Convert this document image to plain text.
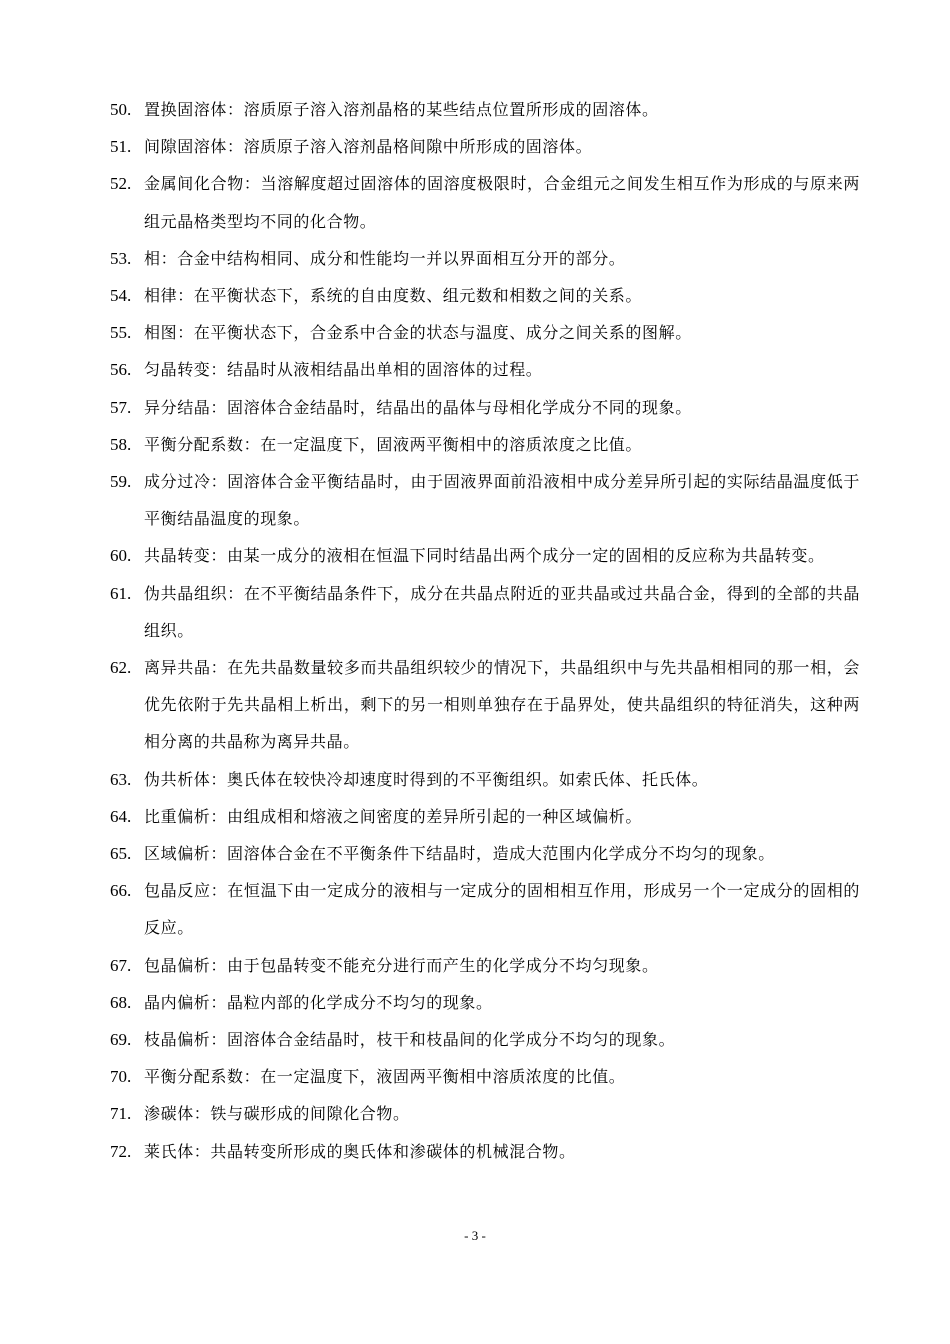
50. 置换固溶体：溶质原子溶入溶剂晶格的某些结点位置所形成的固溶体。
51. 间隙固溶体：溶质原子溶入溶剂晶格间隙中所形成的固溶体。
52. 金属间化合物：当溶解度超过固溶体的固溶度极限时，合金组元之间发生相互作为形成的与原来两组元晶格类型均不同的化合物。
53. 相：合金中结构相同、成分和性能均一并以界面相互分开的部分。
54. 相律：在平衡状态下，系统的自由度数、组元数和相数之间的关系。
55. 相图：在平衡状态下，合金系中合金的状态与温度、成分之间关系的图解。
56. 匀晶转变：结晶时从液相结晶出单相的固溶体的过程。
57. 异分结晶：固溶体合金结晶时，结晶出的晶体与母相化学成分不同的现象。
58. 平衡分配系数：在一定温度下，固液两平衡相中的溶质浓度之比值。
59. 成分过冷：固溶体合金平衡结晶时，由于固液界面前沿液相中成分差异所引起的实际结晶温度低于平衡结晶温度的现象。
60. 共晶转变：由某一成分的液相在恒温下同时结晶出两个成分一定的固相的反应称为共晶转变。
61. 伪共晶组织：在不平衡结晶条件下，成分在共晶点附近的亚共晶或过共晶合金，得到的全部的共晶组织。
62. 离异共晶：在先共晶数量较多而共晶组织较少的情况下，共晶组织中与先共晶相相同的那一相，会优先依附于先共晶相上析出，剩下的另一相则单独存在于晶界处，使共晶组织的特征消失，这种两相分离的共晶称为离异共晶。
63. 伪共析体：奥氏体在较快冷却速度时得到的不平衡组织。如索氏体、托氏体。
64. 比重偏析：由组成相和熔液之间密度的差异所引起的一种区域偏析。
65. 区域偏析：固溶体合金在不平衡条件下结晶时，造成大范围内化学成分不均匀的现象。
66. 包晶反应：在恒温下由一定成分的液相与一定成分的固相相互作用，形成另一个一定成分的固相的反应。
67. 包晶偏析：由于包晶转变不能充分进行而产生的化学成分不均匀现象。
68. 晶内偏析：晶粒内部的化学成分不均匀的现象。
69. 枝晶偏析：固溶体合金结晶时，枝干和枝晶间的化学成分不均匀的现象。
70. 平衡分配系数：在一定温度下，液固两平衡相中溶质浓度的比值。
71. 渗碳体：铁与碳形成的间隙化合物。
72. 莱氏体：共晶转变所形成的奥氏体和渗碳体的机械混合物。
- 3 -
